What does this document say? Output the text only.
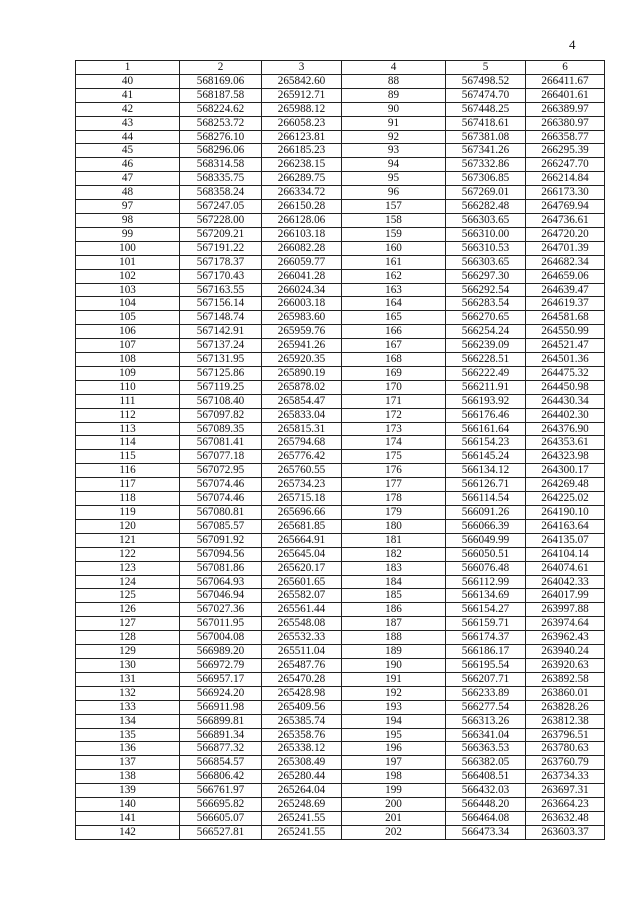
4
1	2	3	4	5	6
40	568169.06	265842.60	88	567498.52	266411.67
41	568187.58	265912.71	89	567474.70	266401.61
42	568224.62	265988.12	90	567448.25	266389.97
43	568253.72	266058.23	91	567418.61	266380.97
44	568276.10	266123.81	92	567381.08	266358.77
45	568296.06	266185.23	93	567341.26	266295.39
46	568314.58	266238.15	94	567332.86	266247.70
47	568335.75	266289.75	95	567306.85	266214.84
48	568358.24	266334.72	96	567269.01	266173.30
97	567247.05	266150.28	157	566282.48	264769.94
98	567228.00	266128.06	158	566303.65	264736.61
99	567209.21	266103.18	159	566310.00	264720.20
100	567191.22	266082.28	160	566310.53	264701.39
101	567178.37	266059.77	161	566303.65	264682.34
102	567170.43	266041.28	162	566297.30	264659.06
103	567163.55	266024.34	163	566292.54	264639.47
104	567156.14	266003.18	164	566283.54	264619.37
105	567148.74	265983.60	165	566270.65	264581.68
106	567142.91	265959.76	166	566254.24	264550.99
107	567137.24	265941.26	167	566239.09	264521.47
108	567131.95	265920.35	168	566228.51	264501.36
109	567125.86	265890.19	169	566222.49	264475.32
110	567119.25	265878.02	170	566211.91	264450.98
111	567108.40	265854.47	171	566193.92	264430.34
112	567097.82	265833.04	172	566176.46	264402.30
113	567089.35	265815.31	173	566161.64	264376.90
114	567081.41	265794.68	174	566154.23	264353.61
115	567077.18	265776.42	175	566145.24	264323.98
116	567072.95	265760.55	176	566134.12	264300.17
117	567074.46	265734.23	177	566126.71	264269.48
118	567074.46	265715.18	178	566114.54	264225.02
119	567080.81	265696.66	179	566091.26	264190.10
120	567085.57	265681.85	180	566066.39	264163.64
121	567091.92	265664.91	181	566049.99	264135.07
122	567094.56	265645.04	182	566050.51	264104.14
123	567081.86	265620.17	183	566076.48	264074.61
124	567064.93	265601.65	184	566112.99	264042.33
125	567046.94	265582.07	185	566134.69	264017.99
126	567027.36	265561.44	186	566154.27	263997.88
127	567011.95	265548.08	187	566159.71	263974.64
128	567004.08	265532.33	188	566174.37	263962.43
129	566989.20	265511.04	189	566186.17	263940.24
130	566972.79	265487.76	190	566195.54	263920.63
131	566957.17	265470.28	191	566207.71	263892.58
132	566924.20	265428.98	192	566233.89	263860.01
133	566911.98	265409.56	193	566277.54	263828.26
134	566899.81	265385.74	194	566313.26	263812.38
135	566891.34	265358.76	195	566341.04	263796.51
136	566877.32	265338.12	196	566363.53	263780.63
137	566854.57	265308.49	197	566382.05	263760.79
138	566806.42	265280.44	198	566408.51	263734.33
139	566761.97	265264.04	199	566432.03	263697.31
140	566695.82	265248.69	200	566448.20	263664.23
141	566605.07	265241.55	201	566464.08	263632.48
142	566527.81	265241.55	202	566473.34	263603.37
